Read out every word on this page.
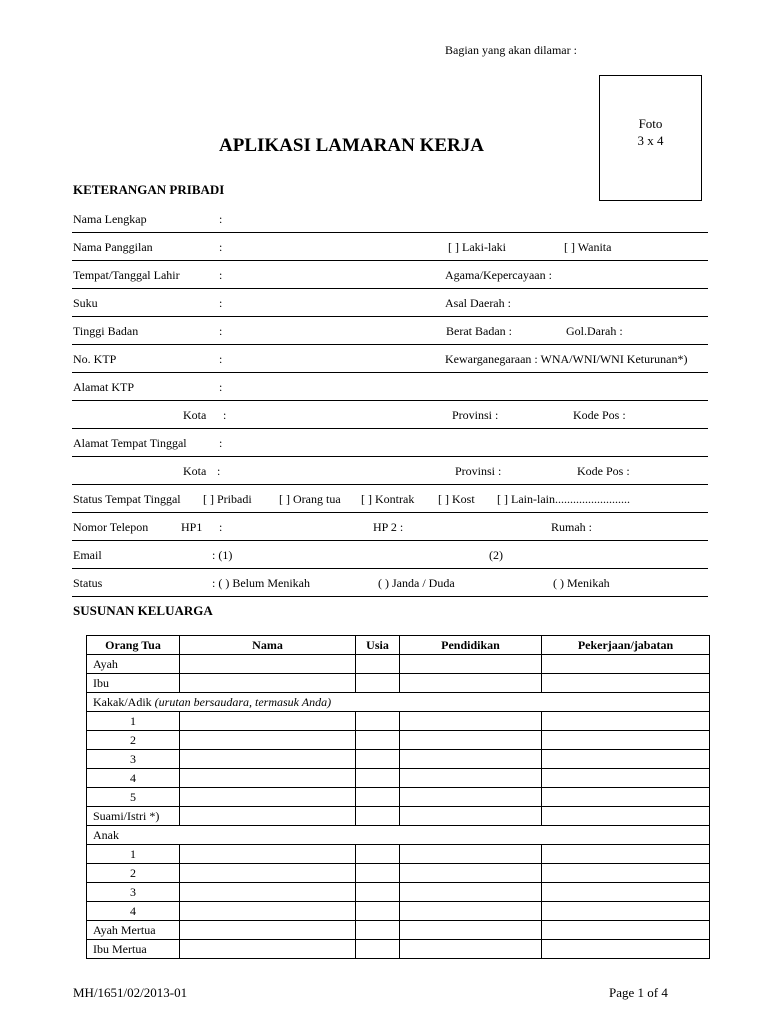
Bagian yang akan dilamar :
Foto
3 x 4
APLIKASI LAMARAN KERJA
KETERANGAN PRIBADI
Nama Lengkap	:
Nama Panggilan	:	[ ] Laki-laki	[ ] Wanita
Tempat/Tanggal Lahir	:	Agama/Kepercayaan :
Suku	:	Asal Daerah :
Tinggi Badan	:	Berat Badan :	Gol.Darah :
No. KTP	:	Kewarganegaraan : WNA/WNI/WNI Keturunan*)
Alamat KTP	:
Kota :	Provinsi :	Kode Pos :
Alamat Tempat Tinggal	:
Kota :	Provinsi :	Kode Pos :
Status Tempat Tinggal [ ] Pribadi [ ] Orang tua [ ] Kontrak [ ] Kost [ ] Lain-lain.........................
Nomor Telepon	HP1 :	HP 2 :	Rumah :
Email	: (1)	(2)
Status	: ( ) Belum Menikah	( ) Janda / Duda	( ) Menikah
SUSUNAN KELUARGA
Orang Tua	Nama	Usia	Pendidikan	Pekerjaan/jabatan
Ayah				
Ibu				
Kakak/Adik (urutan bersaudara, termasuk Anda)				
1				
2				
3				
4				
5				
Suami/Istri *)				
Anak				
1				
2				
3				
4				
Ayah Mertua				
Ibu Mertua				
MH/1651/02/2013-01	Page 1 of 4
